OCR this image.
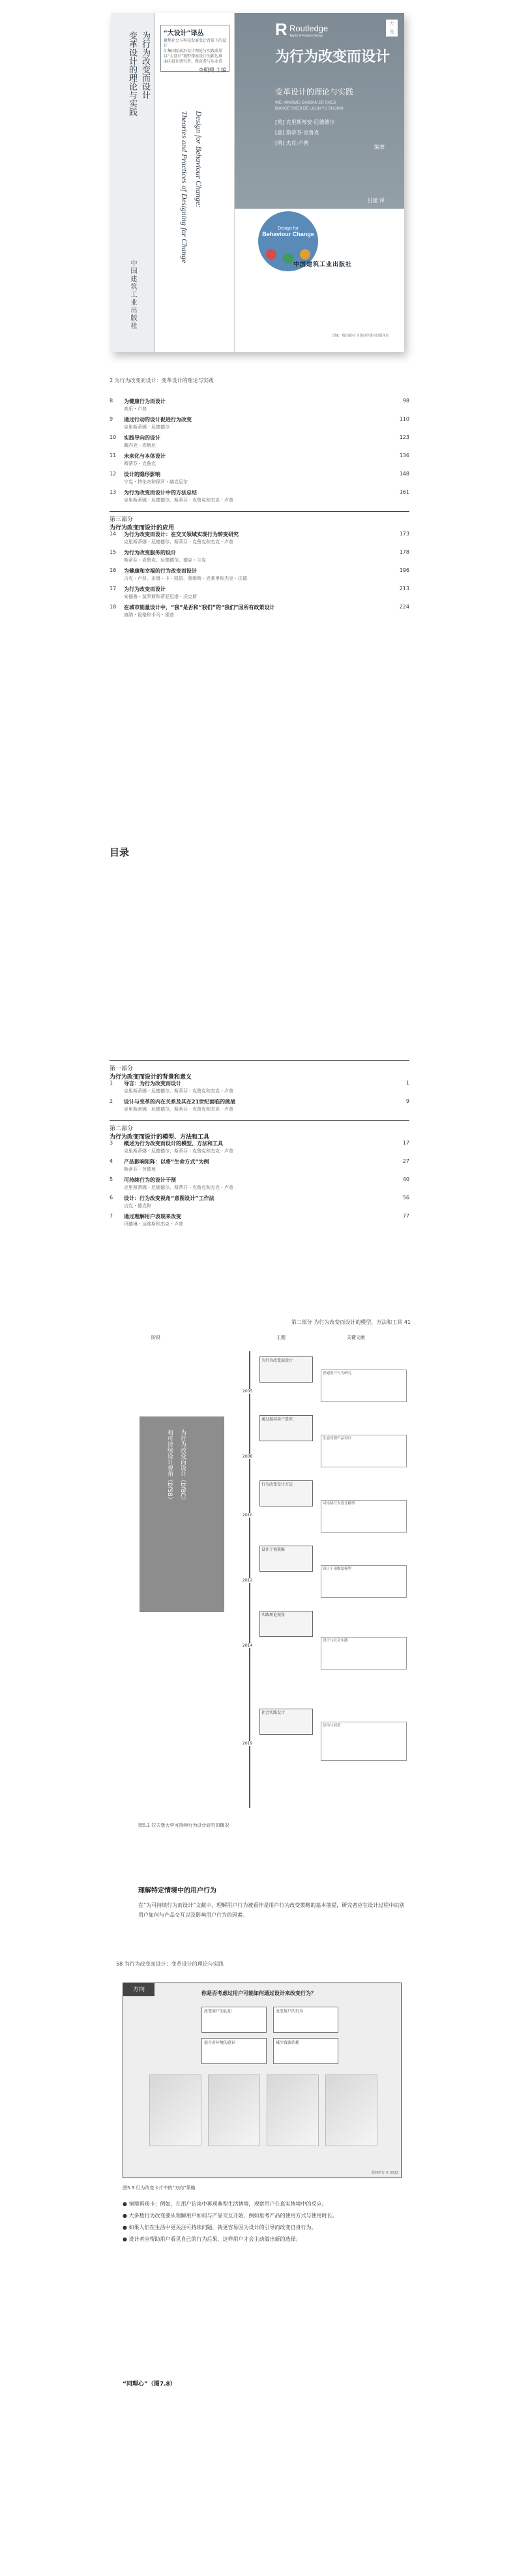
为行为改变而设计
变革设计的理论与实践
中国建筑工业出版社
“大设计”译丛
聚焦社会与科技发展变迁背景下的设计
汇集国际前沿设计理论与实践成果
以“大设计”视野探索设计的新边界
面向设计研究者、教育者与从业者
李明理 主编
Design for Behaviour Change:
Theories and Practices of Designing for Change
R Routledge
Taylor & Francis Group
大
设
为行为改变而设计
变革设计的理论与实践
WEI XINGWEI GAIBIAN ER SHEJI
BIANGE SHEJI DE LILUN YU SHIJIAN
[英] 克里斯蒂安·尼德德尔
[意] 斯蒂芬·克鲁克
[荷] 杰克·卢普
编著
吕建 译
Design for
Behaviour Change
中国建筑工业出版社
国家一级出版社 全国百佳图书出版单位
2 为行为改变而设计：变革设计的理论与实践
8	为健康行为而设计
高乐・卢普
98
9	通过行动的设计促进行为改变
克里斯蒂娜・尼德德尔
110
10	实践导向的设计
戴内克・库斯尼
123
11	未来化与本体设计
斯蒂芬・克鲁克
136
12	设计的隐形影响
宁克・特伦奇和保罗・赫克尼尔
148
13	为行为改变而设计中的方法总结
克里斯蒂娜・尼德德尔、斯蒂芬・克鲁克和杰克・卢普
161
第三部分
为行为改变而设计的应用
14	为行为改变而设计：在交叉领域实现行为转变研究
克里斯蒂娜・尼德德尔、斯蒂芬・克鲁克和杰克・卢普
173
15	为行为改变服务的设计
斯蒂芬・克鲁克、尼德德尔、德克・兰克
178
16	为健康和幸福的行为改变而设计
吉克・卢普、由姆・卡・凯恩、曾姆斯・克莱里和杰克・沃德
196
17	为行为改变而设计
安德鲁・莫罗斯和蒂亚尼塔・沃克斯
213
18	在城市能量设计中，“我”是否和“我们”的“我们”国所有政策设计
康纳・倪格和卡马・霍普
224
目录
第一部分
为行为改变而设计的背景和意义
1	导言：为行为改变而设计
克里斯蒂娜・尼德德尔、斯蒂芬・克鲁克和杰克・卢普
1
2	设计与变革的内在关系及其在21世纪面临的挑战
克里斯蒂娜・尼德德尔、斯蒂芬・克鲁克和杰克・卢普
9
第二部分
为行为改变而设计的模型、方法和工具
3	概述为行为改变而设计的模型、方法和工具
克里斯蒂娜・尼德德尔、斯蒂芬・克鲁克和杰克・卢普
17
4	产品影响矩阵：以将“生命方式”为例
斯蒂芬・劳德曼
27
5	可持续行为的设计干预
克里斯蒂娜・尼德德尔、斯蒂芬・克鲁克和杰克・卢普
40
6	设计：行为改变视角“意图设计”工作法
吉克・德克和
56
7	通过理解用户表现来改变
玛德琳・达维斯和杰克・卢普
77
第二部分 为行为改变而设计的模型、方法和工具 41
阶段	主题	关键文献
为行为改变而设计（DfBC）
和可持续设计视角（DfSB）
2005
2008
2010
2012
2014
2019
为行为改变而设计
通过提高用户意识
行为改变设计方法
设计干预策略
实践理论视角
社会实践设计
普通用户行为研究
生态反馈产品设计
可持续行为设计模型
设计干预维度模型
设计与社会实践
总结与展望
图5.1 拉夫堡大学可持续行为设计研究的概况
理解特定情境中的用户行为
在“为可持续行为而设计”文献中，理解用户行为被看作是用户行为改变策略的基本前提，研究者应在设计过程中识别用户如何与产品交互以及影响用户行为的因素。
58 为行为改变而设计：变革设计的理论与实践
方向
你是否考虑过用户可能如何通过设计来改变行为？
改变用户的认知	改变用户的行为
提升对环境的意识	减少资源消耗
版权所有 © 2012
图5.3 行为改变卡片中的“方向”策略
● 情境再现卡：例如，在用户访谈中再现典型生活情境，观察用户在真实情境中的反应。
● 大多数行为改变要从理解用户如何与产品交互开始，例如思考产品的使用方式与使用时长。
● 如果人们在生活中更关注可持续问题，就更容易因为设计的引导而改变自身行为。
● 设计者应帮助用户看见自己的行为后果，这样用户才会主动做出新的选择。
“同理心”（图7.8）
